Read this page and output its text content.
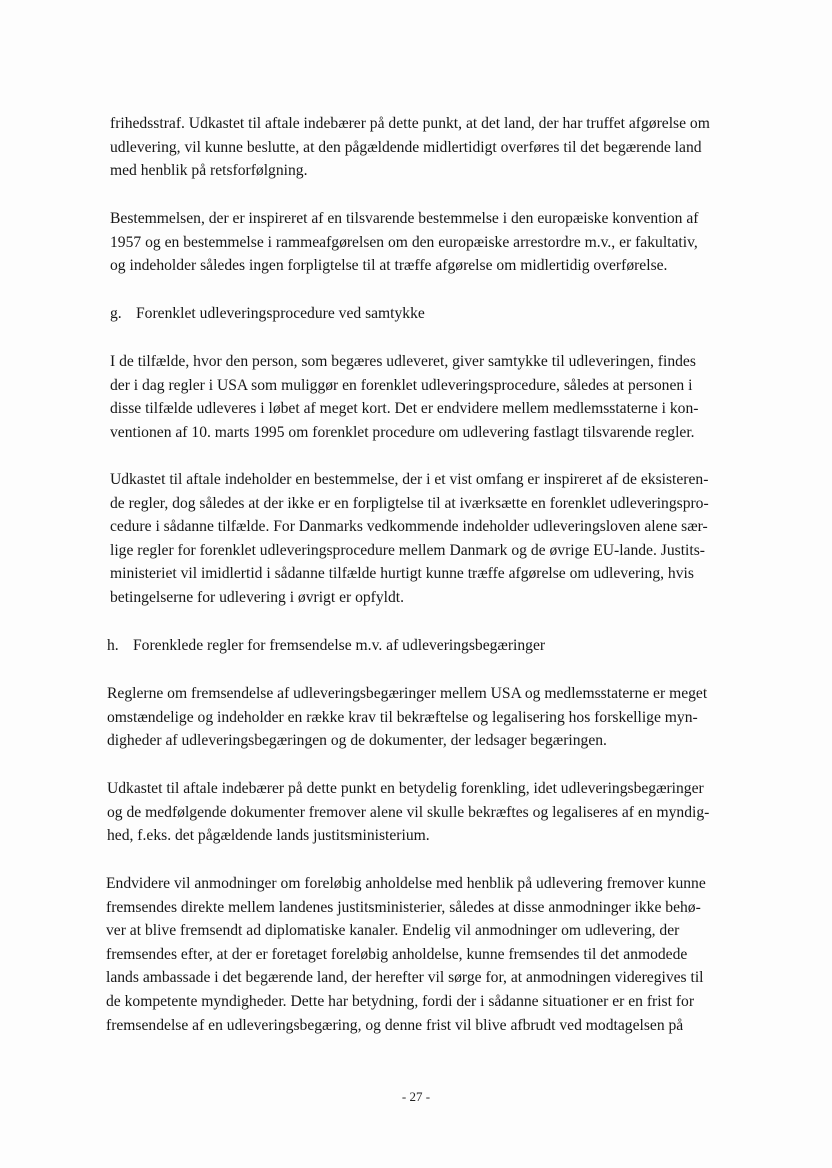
frihedsstraf. Udkastet til aftale indebærer på dette punkt, at det land, der har truffet afgørelse om
udlevering, vil kunne beslutte, at den pågældende midlertidigt overføres til det begærende land
med henblik på retsforfølgning.
Bestemmelsen, der er inspireret af en tilsvarende bestemmelse i den europæiske konvention af
1957 og en bestemmelse i rammeafgørelsen om den europæiske arrestordre m.v., er fakultativ,
og indeholder således ingen forpligtelse til at træffe afgørelse om midlertidig overførelse.
g. Forenklet udleveringsprocedure ved samtykke
I de tilfælde, hvor den person, som begæres udleveret, giver samtykke til udleveringen, findes
der i dag regler i USA som muliggør en forenklet udleveringsprocedure, således at personen i
disse tilfælde udleveres i løbet af meget kort. Det er endvidere mellem medlemsstaterne i kon-
ventionen af 10. marts 1995 om forenklet procedure om udlevering fastlagt tilsvarende regler.
Udkastet til aftale indeholder en bestemmelse, der i et vist omfang er inspireret af de eksisteren-
de regler, dog således at der ikke er en forpligtelse til at iværksætte en forenklet udleveringspro-
cedure i sådanne tilfælde. For Danmarks vedkommende indeholder udleveringsloven alene sær-
lige regler for forenklet udleveringsprocedure mellem Danmark og de øvrige EU-lande. Justits-
ministeriet vil imidlertid i sådanne tilfælde hurtigt kunne træffe afgørelse om udlevering, hvis
betingelserne for udlevering i øvrigt er opfyldt.
h. Forenklede regler for fremsendelse m.v. af udleveringsbegæringer
Reglerne om fremsendelse af udleveringsbegæringer mellem USA og medlemsstaterne er meget
omstændelige og indeholder en række krav til bekræftelse og legalisering hos forskellige myn-
digheder af udleveringsbegæringen og de dokumenter, der ledsager begæringen.
Udkastet til aftale indebærer på dette punkt en betydelig forenkling, idet udleveringsbegæringer
og de medfølgende dokumenter fremover alene vil skulle bekræftes og legaliseres af en myndig-
hed, f.eks. det pågældende lands justitsministerium.
Endvidere vil anmodninger om foreløbig anholdelse med henblik på udlevering fremover kunne
fremsendes direkte mellem landenes justitsministerier, således at disse anmodninger ikke behø-
ver at blive fremsendt ad diplomatiske kanaler. Endelig vil anmodninger om udlevering, der
fremsendes efter, at der er foretaget foreløbig anholdelse, kunne fremsendes til det anmodede
lands ambassade i det begærende land, der herefter vil sørge for, at anmodningen videregives til
de kompetente myndigheder. Dette har betydning, fordi der i sådanne situationer er en frist for
fremsendelse af en udleveringsbegæring, og denne frist vil blive afbrudt ved modtagelsen på
- 27 -
